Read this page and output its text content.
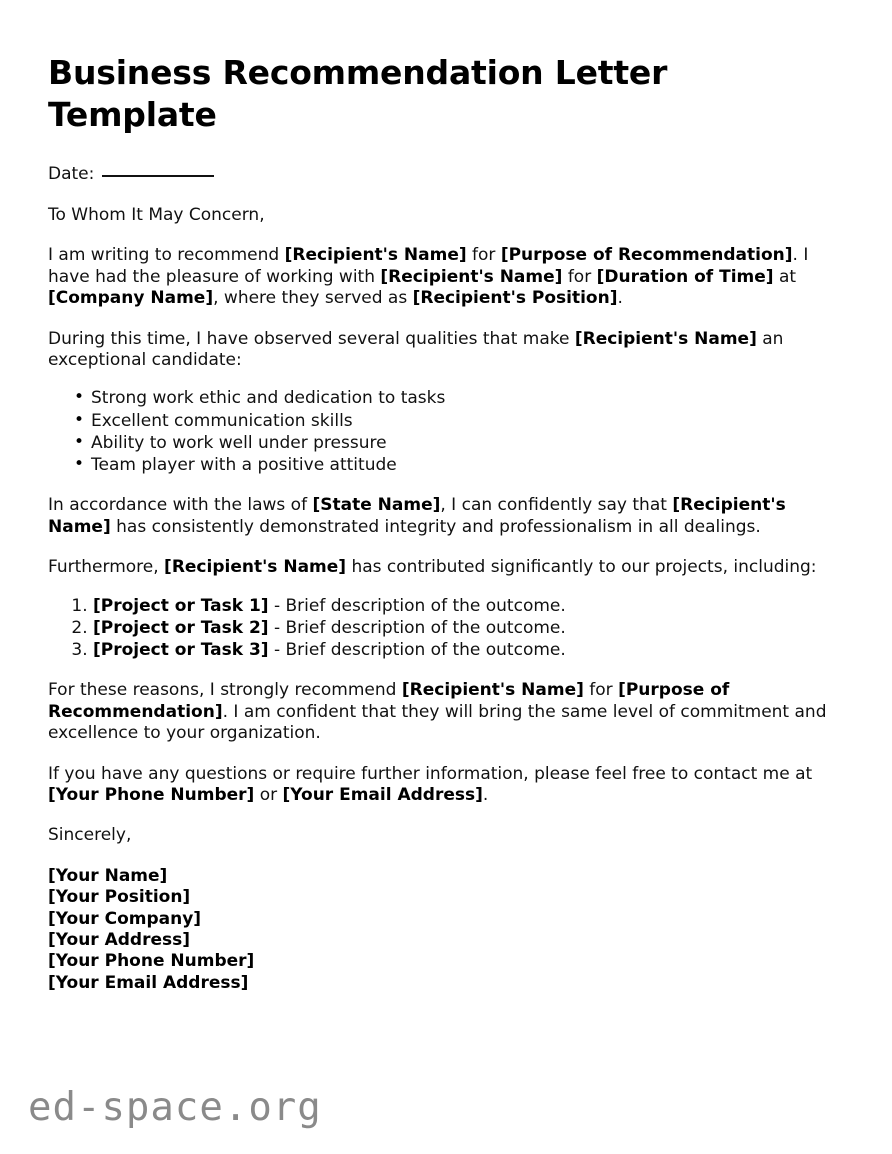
Business Recommendation Letter Template

Date:

To Whom It May Concern,

I am writing to recommend [Recipient's Name] for [Purpose of Recommendation]. I have had the pleasure of working with [Recipient's Name] for [Duration of Time] at [Company Name], where they served as [Recipient's Position].

During this time, I have observed several qualities that make [Recipient's Name] an exceptional candidate:

• Strong work ethic and dedication to tasks
• Excellent communication skills
• Ability to work well under pressure
• Team player with a positive attitude

In accordance with the laws of [State Name], I can confidently say that [Recipient's Name] has consistently demonstrated integrity and professionalism in all dealings.

Furthermore, [Recipient's Name] has contributed significantly to our projects, including:

1. [Project or Task 1] - Brief description of the outcome.
2. [Project or Task 2] - Brief description of the outcome.
3. [Project or Task 3] - Brief description of the outcome.

For these reasons, I strongly recommend [Recipient's Name] for [Purpose of Recommendation]. I am confident that they will bring the same level of commitment and excellence to your organization.

If you have any questions or require further information, please feel free to contact me at [Your Phone Number] or [Your Email Address].

Sincerely,

[Your Name]
[Your Position]
[Your Company]
[Your Address]
[Your Phone Number]
[Your Email Address]
ed-space.org
